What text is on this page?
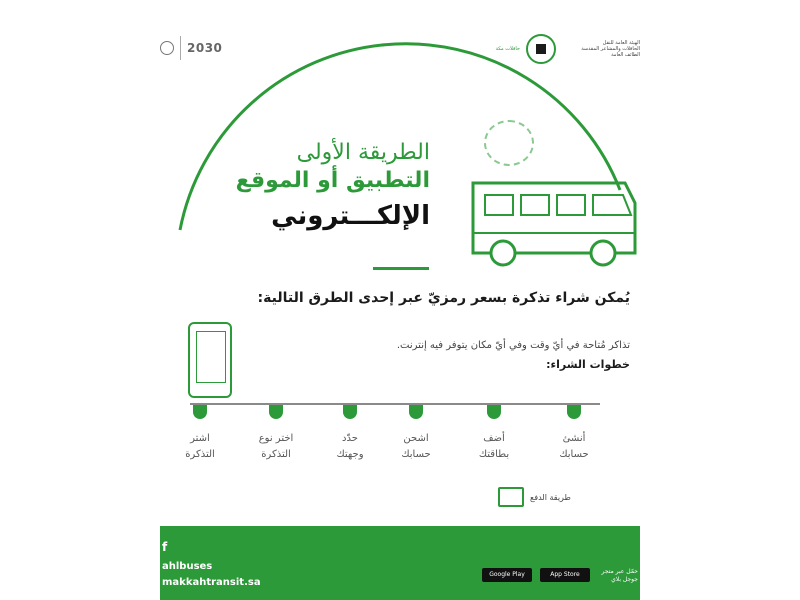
2030	حافلات مكة
الهيئة العامة للنقل
الحافلات والمشاعر المقدسة
الطائف العامة
الطريقة الأولى
التطبيق أو الموقع
الإلكـــتروني
يُمكن شراء تذكرة بسعر رمزيّ عبر إحدى الطرق التالية:
تذاكر مُتاحة في أيّ وقت وفي أيّ مكان يتوفر فيه إنترنت.
خطوات الشراء:
أنشئ
حسابك
أضف
بطاقتك
اشحن
حسابك
حدّد
وجهتك
اختر نوع
التذكرة
اشتر
التذكرة
طريقة الدفع
f
ahlbuses
makkahtransit.sa
Google Play	App Store	حمّل عبر متجر جوجل بلاي
